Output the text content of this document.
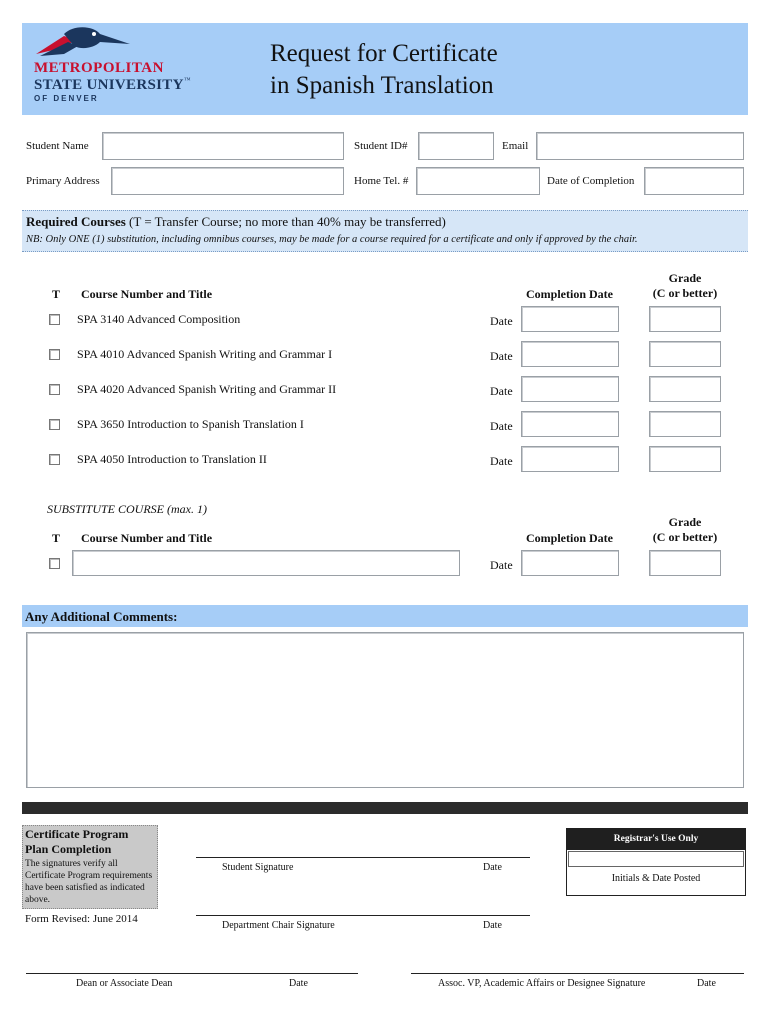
METROPOLITAN
STATE UNIVERSITY™
OF DENVER
Request for Certificate
in Spanish Translation
Student Name	Student ID#	Email
Primary Address	Home Tel. #	Date of Completion
Required Courses (T = Transfer Course; no more than 40% may be transferred)
NB: Only ONE (1) substitution, including omnibus courses, may be made for a course required for a certificate and only if approved by the chair.
T Course Number and Title	Completion Date
Grade
(C or better)
SPA 3140 Advanced Composition	Date
SPA 4010 Advanced Spanish Writing and Grammar I	Date
SPA 4020 Advanced Spanish Writing and Grammar II	Date
SPA 3650 Introduction to Spanish Translation I	Date
SPA 4050 Introduction to Translation II	Date
SUBSTITUTE COURSE (max. 1)
T Course Number and Title	Completion Date
Grade
(C or better)
Date
Any Additional Comments:
Certificate Program
Plan Completion
The signatures verify all Certificate Program requirements have been satisfied as indicated above.
Form Revised: June 2014
Student Signature	Date
Department Chair Signature	Date
Dean or Associate Dean	Date	Assoc. VP, Academic Affairs or Designee Signature	Date
Registrar's Use Only
Initials & Date Posted
